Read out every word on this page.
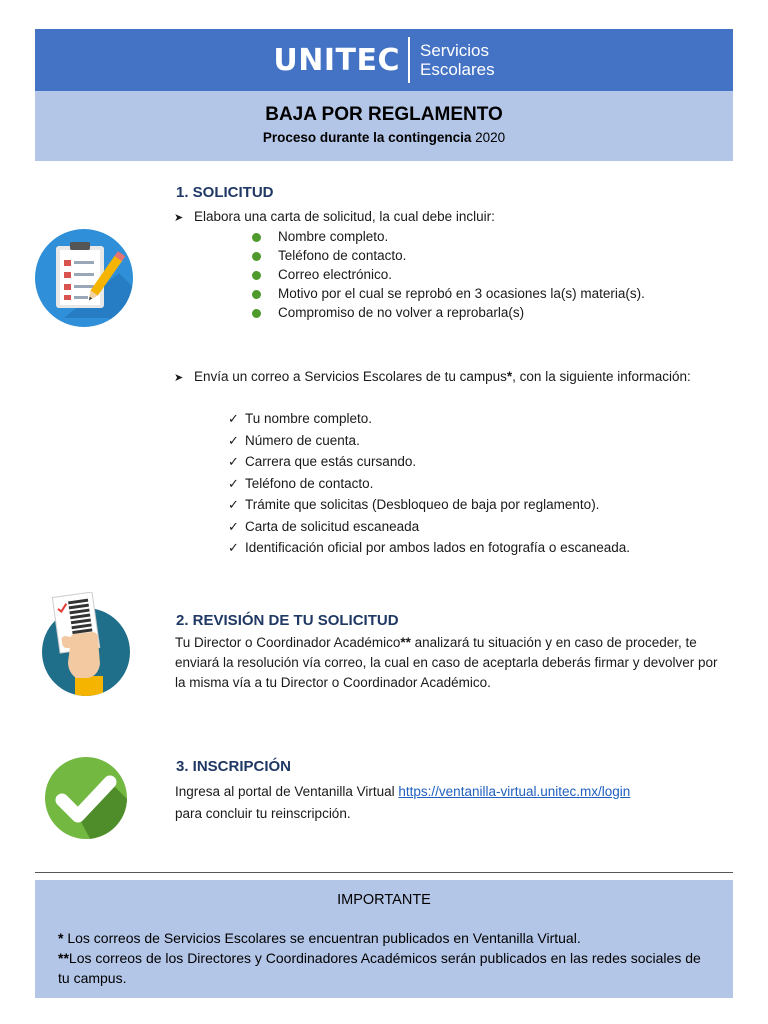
UNITEC Servicios
Escolares
BAJA POR REGLAMENTO
Proceso durante la contingencia 2020
1. SOLICITUD
➤ Elabora una carta de solicitud, la cual debe incluir:
Nombre completo.
Teléfono de contacto.
Correo electrónico.
Motivo por el cual se reprobó en 3 ocasiones la(s) materia(s).
Compromiso de no volver a reprobarla(s)
➤ Envía un correo a Servicios Escolares de tu campus*, con la siguiente información:
✓ Tu nombre completo.
✓ Número de cuenta.
✓ Carrera que estás cursando.
✓ Teléfono de contacto.
✓ Trámite que solicitas (Desbloqueo de baja por reglamento).
✓ Carta de solicitud escaneada
✓ Identificación oficial por ambos lados en fotografía o escaneada.
2. REVISIÓN DE TU SOLICITUD
Tu Director o Coordinador Académico** analizará tu situación y en caso de proceder, te enviará la resolución vía correo, la cual en caso de aceptarla deberás firmar y devolver por la misma vía a tu Director o Coordinador Académico.
3. INSCRIPCIÓN
Ingresa al portal de Ventanilla Virtual https://ventanilla-virtual.unitec.mx/login
para concluir tu reinscripción.
IMPORTANTE
* Los correos de Servicios Escolares se encuentran publicados en Ventanilla Virtual.
**Los correos de los Directores y Coordinadores Académicos serán publicados en las redes sociales de tu campus.
